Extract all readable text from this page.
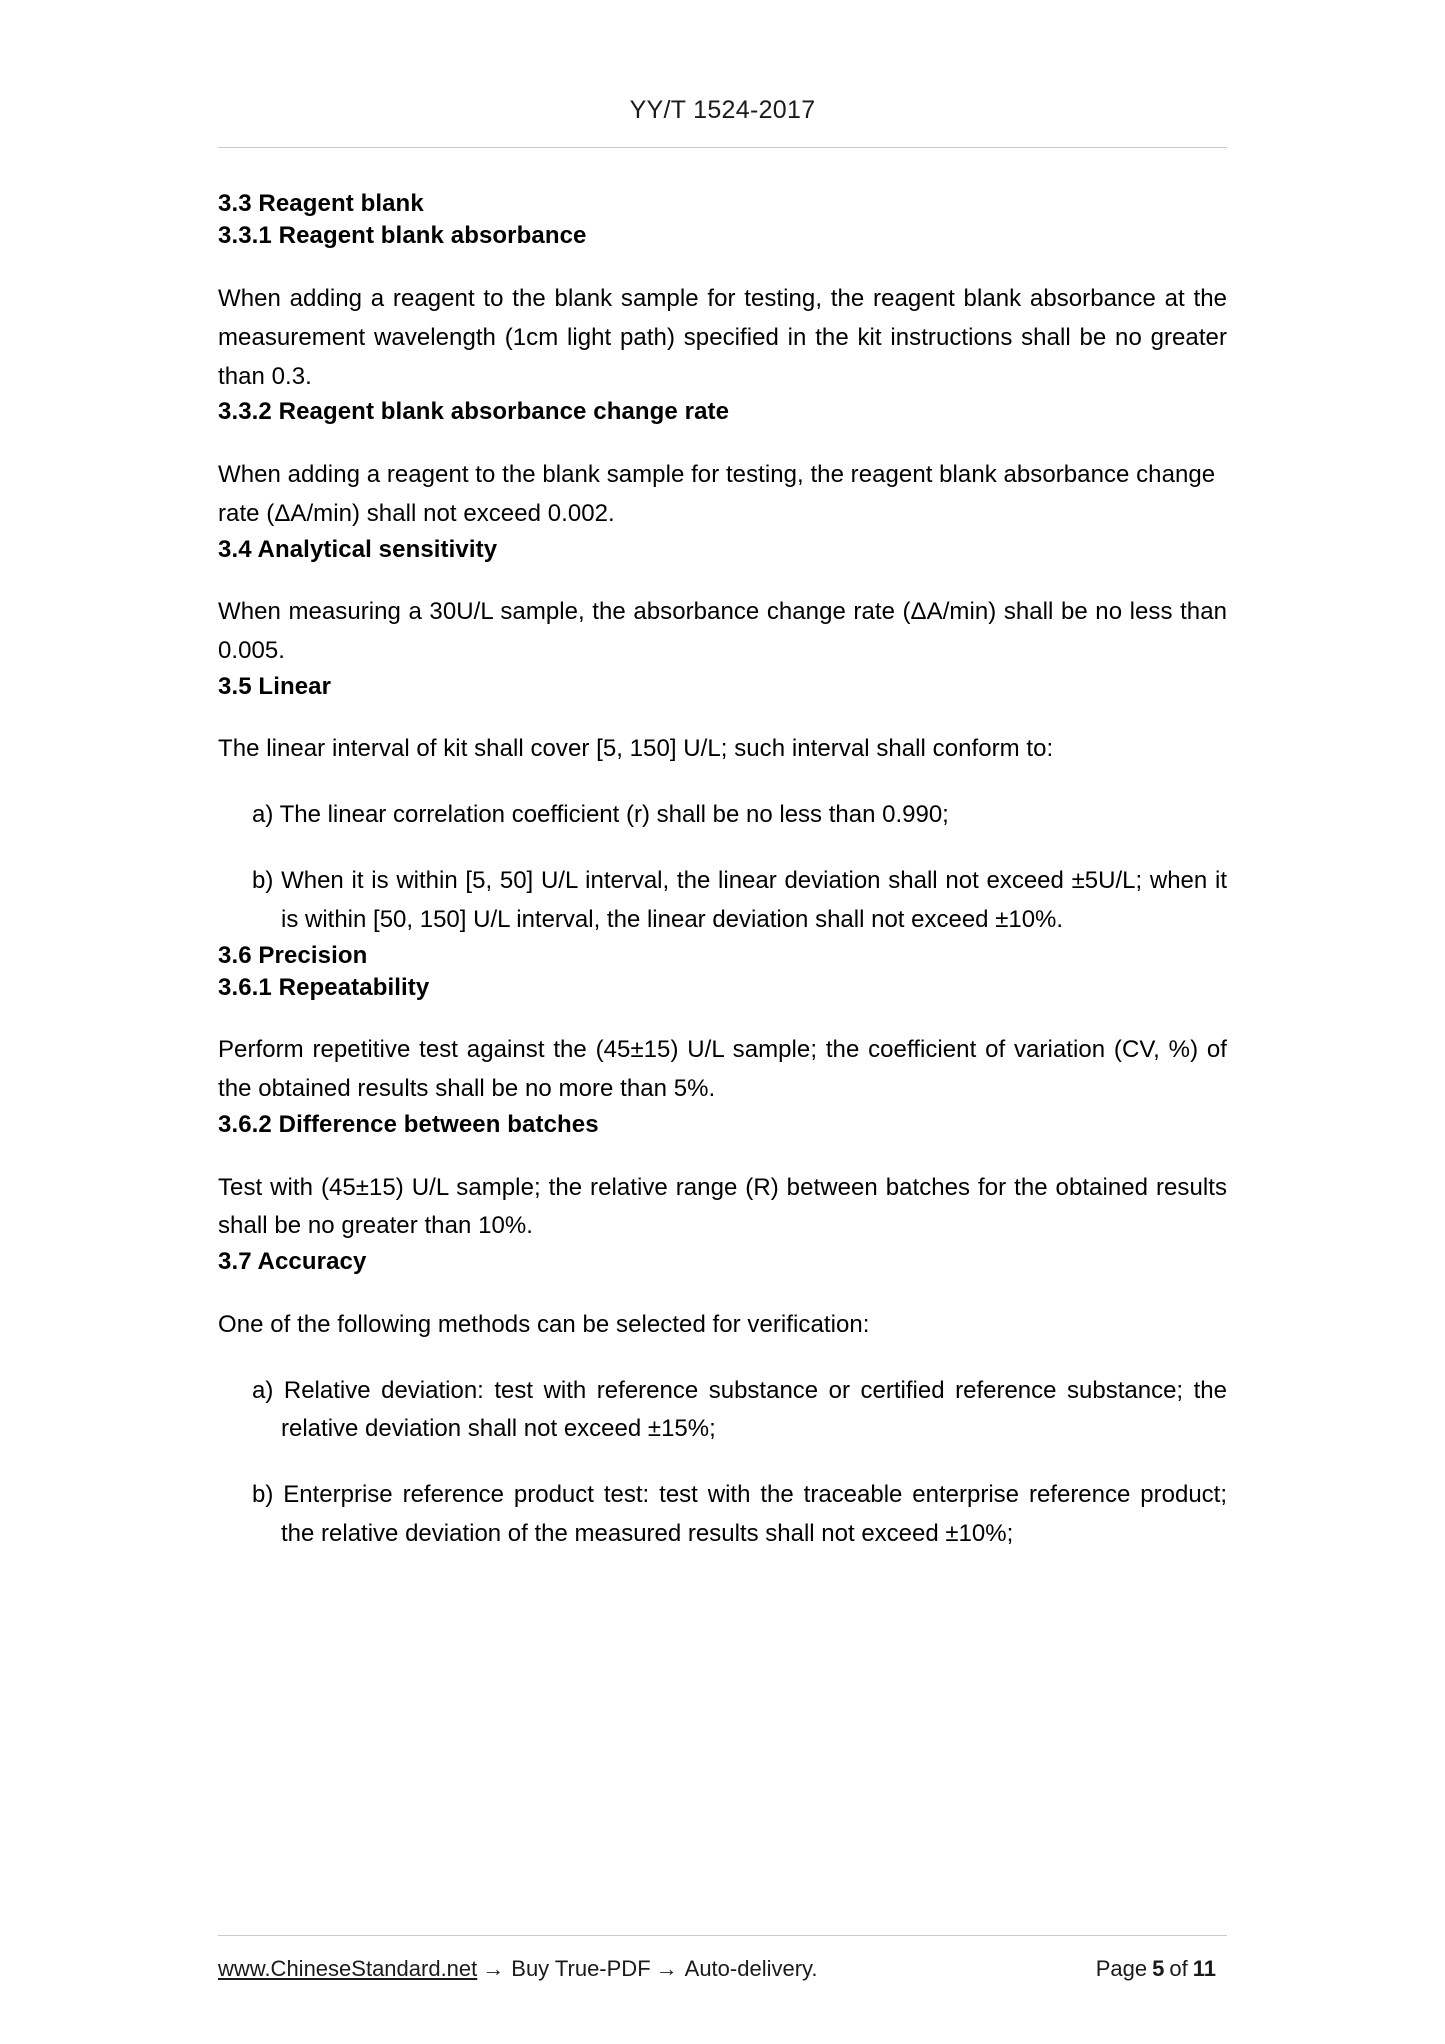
YY/T 1524-2017
3.3 Reagent blank
3.3.1 Reagent blank absorbance

When adding a reagent to the blank sample for testing, the reagent blank absorbance at the measurement wavelength (1cm light path) specified in the kit instructions shall be no greater than 0.3.

3.3.2 Reagent blank absorbance change rate

When adding a reagent to the blank sample for testing, the reagent blank absorbance change rate (ΔA/min) shall not exceed 0.002.

3.4 Analytical sensitivity

When measuring a 30U/L sample, the absorbance change rate (ΔA/min) shall be no less than 0.005.

3.5 Linear

The linear interval of kit shall cover [5, 150] U/L; such interval shall conform to:

a) The linear correlation coefficient (r) shall be no less than 0.990;

b) When it is within [5, 50] U/L interval, the linear deviation shall not exceed ±5U/L; when it is within [50, 150] U/L interval, the linear deviation shall not exceed ±10%.

3.6 Precision
3.6.1 Repeatability

Perform repetitive test against the (45±15) U/L sample; the coefficient of variation (CV, %) of the obtained results shall be no more than 5%.

3.6.2 Difference between batches

Test with (45±15) U/L sample; the relative range (R) between batches for the obtained results shall be no greater than 10%.

3.7 Accuracy

One of the following methods can be selected for verification:

a) Relative deviation: test with reference substance or certified reference substance; the relative deviation shall not exceed ±15%;

b) Enterprise reference product test: test with the traceable enterprise reference product; the relative deviation of the measured results shall not exceed ±10%;

www.ChineseStandard.net → Buy True-PDF → Auto-delivery.	Page 5 of 11
